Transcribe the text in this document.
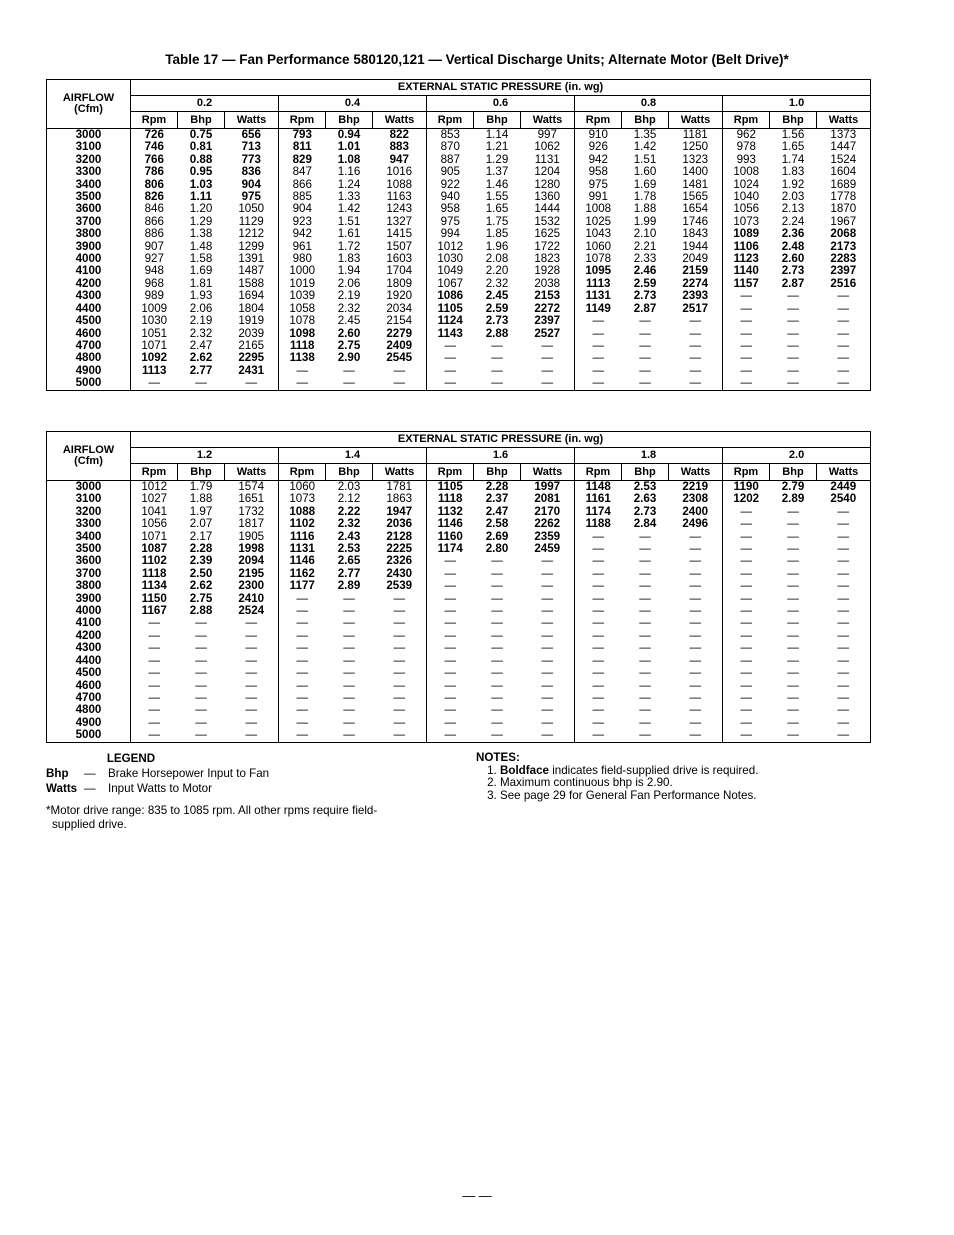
Table 17 — Fan Performance 580120,121 — Vertical Discharge Units; Alternate Motor (Belt Drive)*
AIRFLOW
(Cfm)	EXTERNAL STATIC PRESSURE (in. wg)														
	0.2			0.4			0.6			0.8			1.0		
	Rpm	Bhp	Watts	Rpm	Bhp	Watts	Rpm	Bhp	Watts	Rpm	Bhp	Watts	Rpm	Bhp	Watts
3000	726	0.75	656	793	0.94	822	853	1.14	997	910	1.35	1181	962	1.56	1373
3100	746	0.81	713	811	1.01	883	870	1.21	1062	926	1.42	1250	978	1.65	1447
3200	766	0.88	773	829	1.08	947	887	1.29	1131	942	1.51	1323	993	1.74	1524
3300	786	0.95	836	847	1.16	1016	905	1.37	1204	958	1.60	1400	1008	1.83	1604
3400	806	1.03	904	866	1.24	1088	922	1.46	1280	975	1.69	1481	1024	1.92	1689
3500	826	1.11	975	885	1.33	1163	940	1.55	1360	991	1.78	1565	1040	2.03	1778
3600	846	1.20	1050	904	1.42	1243	958	1.65	1444	1008	1.88	1654	1056	2.13	1870
3700	866	1.29	1129	923	1.51	1327	975	1.75	1532	1025	1.99	1746	1073	2.24	1967
3800	886	1.38	1212	942	1.61	1415	994	1.85	1625	1043	2.10	1843	1089	2.36	2068
3900	907	1.48	1299	961	1.72	1507	1012	1.96	1722	1060	2.21	1944	1106	2.48	2173
4000	927	1.58	1391	980	1.83	1603	1030	2.08	1823	1078	2.33	2049	1123	2.60	2283
4100	948	1.69	1487	1000	1.94	1704	1049	2.20	1928	1095	2.46	2159	1140	2.73	2397
4200	968	1.81	1588	1019	2.06	1809	1067	2.32	2038	1113	2.59	2274	1157	2.87	2516
4300	989	1.93	1694	1039	2.19	1920	1086	2.45	2153	1131	2.73	2393	—	—	—
4400	1009	2.06	1804	1058	2.32	2034	1105	2.59	2272	1149	2.87	2517	—	—	—
4500	1030	2.19	1919	1078	2.45	2154	1124	2.73	2397	—	—	—	—	—	—
4600	1051	2.32	2039	1098	2.60	2279	1143	2.88	2527	—	—	—	—	—	—
4700	1071	2.47	2165	1118	2.75	2409	—	—	—	—	—	—	—	—	—
4800	1092	2.62	2295	1138	2.90	2545	—	—	—	—	—	—	—	—	—
4900	1113	2.77	2431	—	—	—	—	—	—	—	—	—	—	—	—
5000	—	—	—	—	—	—	—	—	—	—	—	—	—	—	—
AIRFLOW
(Cfm)	EXTERNAL STATIC PRESSURE (in. wg)														
	1.2			1.4			1.6			1.8			2.0		
	Rpm	Bhp	Watts	Rpm	Bhp	Watts	Rpm	Bhp	Watts	Rpm	Bhp	Watts	Rpm	Bhp	Watts
3000	1012	1.79	1574	1060	2.03	1781	1105	2.28	1997	1148	2.53	2219	1190	2.79	2449
3100	1027	1.88	1651	1073	2.12	1863	1118	2.37	2081	1161	2.63	2308	1202	2.89	2540
3200	1041	1.97	1732	1088	2.22	1947	1132	2.47	2170	1174	2.73	2400	—	—	—
3300	1056	2.07	1817	1102	2.32	2036	1146	2.58	2262	1188	2.84	2496	—	—	—
3400	1071	2.17	1905	1116	2.43	2128	1160	2.69	2359	—	—	—	—	—	—
3500	1087	2.28	1998	1131	2.53	2225	1174	2.80	2459	—	—	—	—	—	—
3600	1102	2.39	2094	1146	2.65	2326	—	—	—	—	—	—	—	—	—
3700	1118	2.50	2195	1162	2.77	2430	—	—	—	—	—	—	—	—	—
3800	1134	2.62	2300	1177	2.89	2539	—	—	—	—	—	—	—	—	—
3900	1150	2.75	2410	—	—	—	—	—	—	—	—	—	—	—	—
4000	1167	2.88	2524	—	—	—	—	—	—	—	—	—	—	—	—
4100	—	—	—	—	—	—	—	—	—	—	—	—	—	—	—
4200	—	—	—	—	—	—	—	—	—	—	—	—	—	—	—
4300	—	—	—	—	—	—	—	—	—	—	—	—	—	—	—
4400	—	—	—	—	—	—	—	—	—	—	—	—	—	—	—
4500	—	—	—	—	—	—	—	—	—	—	—	—	—	—	—
4600	—	—	—	—	—	—	—	—	—	—	—	—	—	—	—
4700	—	—	—	—	—	—	—	—	—	—	—	—	—	—	—
4800	—	—	—	—	—	—	—	—	—	—	—	—	—	—	—
4900	—	—	—	—	—	—	—	—	—	—	—	—	—	—	—
5000	—	—	—	—	—	—	—	—	—	—	—	—	—	—	—
LEGEND
Bhp — Brake Horsepower Input to Fan
Watts — Input Watts to Motor
*Motor drive range: 835 to 1085 rpm. All other rpms require field-
supplied drive.
NOTES:
1. Boldface indicates field-supplied drive is required.
2. Maximum continuous bhp is 2.90.
3. See page 29 for General Fan Performance Notes.
— —
